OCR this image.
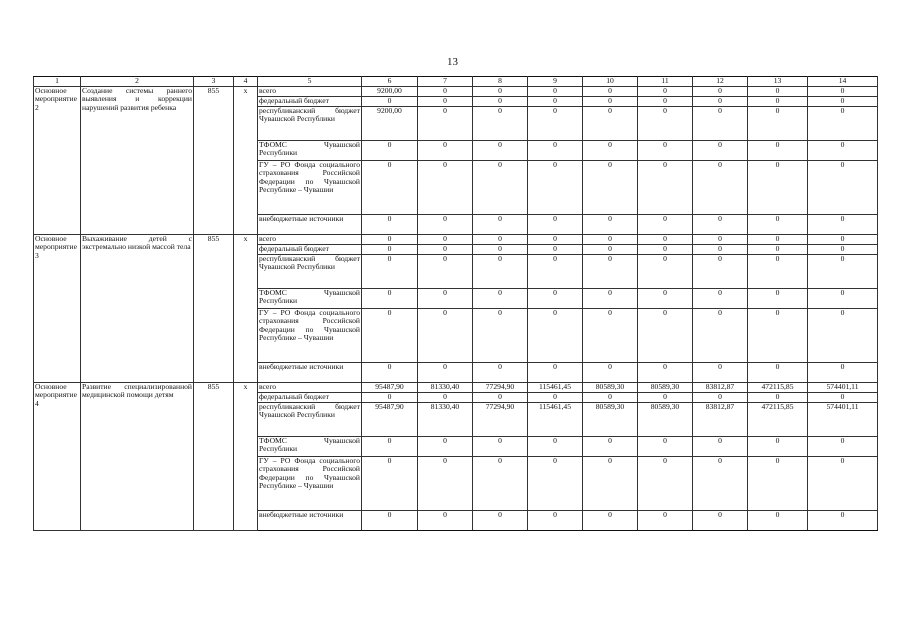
13
1	2	3	4	5	6	7	8	9	10	11	12	13	14
Основное мероприятие 2	Создание системы раннего выявления и коррекции нарушений развития ребенка	855	x	всего	9200,00	0	0	0	0	0	0	0	0
				федеральный бюджет	0	0	0	0	0	0	0	0	0
				республиканский бюджет Чувашской Республики	9200,00	0	0	0	0	0	0	0	0
				ТФОМС Чувашской Республики	0	0	0	0	0	0	0	0	0
				ГУ – РО Фонда социального страхования Российской Федерации по Чувашской Республике – Чувашии	0	0	0	0	0	0	0	0	0
				внебюджетные источники	0	0	0	0	0	0	0	0	0
Основное мероприятие 3	Выхаживание детей с экстремально низкой массой тела	855	x	всего	0	0	0	0	0	0	0	0	0
				федеральный бюджет	0	0	0	0	0	0	0	0	0
				республиканский бюджет Чувашской Республики	0	0	0	0	0	0	0	0	0
				ТФОМС Чувашской Республики	0	0	0	0	0	0	0	0	0
				ГУ – РО Фонда социального страхования Российской Федерации по Чувашской Республике – Чувашии	0	0	0	0	0	0	0	0	0
				внебюджетные источники	0	0	0	0	0	0	0	0	0
Основное мероприятие 4	Развитие специализированной медицинской помощи детям	855	x	всего	95487,90	81330,40	77294,90	115461,45	80589,30	80589,30	83812,87	472115,85	574401,11
				федеральный бюджет	0	0	0	0	0	0	0	0	0
				республиканский бюджет Чувашской Республики	95487,90	81330,40	77294,90	115461,45	80589,30	80589,30	83812,87	472115,85	574401,11
				ТФОМС Чувашской Республики	0	0	0	0	0	0	0	0	0
				ГУ – РО Фонда социального страхования Российской Федерации по Чувашской Республике – Чувашии	0	0	0	0	0	0	0	0	0
				внебюджетные источники	0	0	0	0	0	0	0	0	0
